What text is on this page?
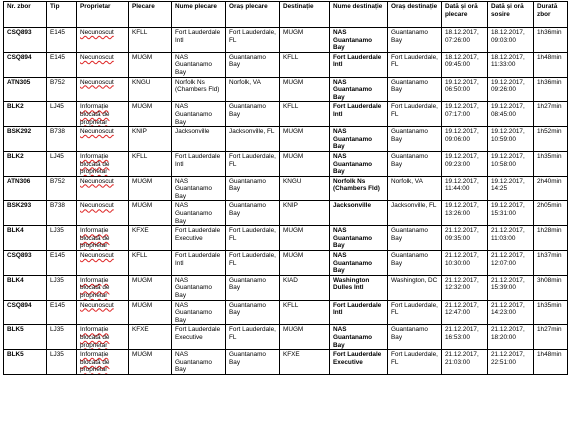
Nr. zbor	Tip	Proprietar	Plecare	Nume plecare	Oraș plecare	Destinație	Nume destinație	Oraș destinație	Dată și oră plecare	Dată și oră sosire	Durată zbor
CSQ893	E145	Necunoscut	KFLL	Fort Lauderdale Intl	Fort Lauderdale, FL	MUGM	NAS Guantanamo Bay	Guantanamo Bay	18.12.2017, 07:26:00	18.12.2017, 09:03:00	1h36min
CSQ894	E145	Necunoscut	MUGM	NAS Guantanamo Bay	Guantanamo Bay	KFLL	Fort Lauderdale Intl	Fort Lauderdale, FL	18.12.2017, 09:45:00	18.12.2017, 11:33:00	1h48min
ATN305	B752	Necunoscut	KNGU	Norfolk Ns (Chambers Fld)	Norfolk, VA	MUGM	NAS Guantanamo Bay	Guantanamo Bay	19.12.2017, 06:50:00	19.12.2017, 09:26:00	1h36min
BLK2	LJ45	Informație blocată de proprietar	MUGM	NAS Guantanamo Bay	Guantanamo Bay	KFLL	Fort Lauderdale Intl	Fort Lauderdale, FL	19.12.2017, 07:17:00	19.12.2017, 08:45:00	1h27min
BSK292	B738	Necunoscut	KNIP	Jacksonville	Jacksonville, FL	MUGM	NAS Guantanamo Bay	Guantanamo Bay	19.12.2017, 09:06:00	19.12.2017, 10:59:00	1h52min
BLK2	LJ45	Informație blocată de proprietar	KFLL	Fort Lauderdale Intl	Fort Lauderdale, FL	MUGM	NAS Guantanamo Bay	Guantanamo Bay	19.12.2017, 09:23:00	19.12.2017, 10:58:00	1h35min
ATN306	B752	Necunoscut	MUGM	NAS Guantanamo Bay	Guantanamo Bay	KNGU	Norfolk Ns (Chambers Fld)	Norfolk, VA	19.12.2017, 11:44:00	19.12.2017, 14:25	2h40min
BSK293	B738	Necunoscut	MUGM	NAS Guantanamo Bay	Guantanamo Bay	KNIP	Jacksonville	Jacksonville, FL	19.12.2017, 13:26:00	19.12.2017, 15:31:00	2h05min
BLK4	LJ35	Informație blocată de proprietar	KFXE	Fort Lauderdale Executive	Fort Lauderdale, FL	MUGM	NAS Guantanamo Bay	Guantanamo Bay	21.12.2017, 09:35:00	21.12.2017, 11:03:00	1h28min
CSQ893	E145	Necunoscut	KFLL	Fort Lauderdale Intl	Fort Lauderdale, FL	MUGM	NAS Guantanamo Bay	Guantanamo Bay	21.12.2017, 10:30:00	21.12.2017, 12:07:00	1h37min
BLK4	LJ35	Informație blocată de proprietar	MUGM	NAS Guantanamo Bay	Guantanamo Bay	KIAD	Washington Dulles Intl	Washington, DC	21.12.2017, 12:32:00	21.12.2017, 15:39:00	3h08min
CSQ894	E145	Necunoscut	MUGM	NAS Guantanamo Bay	Guantanamo Bay	KFLL	Fort Lauderdale Intl	Fort Lauderdale, FL	21.12.2017, 12:47:00	21.12.2017, 14:23:00	1h35min
BLK5	LJ35	Informație blocată de proprietar	KFXE	Fort Lauderdale Executive	Fort Lauderdale, FL	MUGM	NAS Guantanamo Bay	Guantanamo Bay	21.12.2017, 16:53:00	21.12.2017, 18:20:00	1h27min
BLK5	LJ35	Informație blocată de proprietar	MUGM	NAS Guantanamo Bay	Guantanamo Bay	KFXE	Fort Lauderdale Executive	Fort Lauderdale, FL	21.12.2017, 21:03:00	21.12.2017, 22:51:00	1h48min
